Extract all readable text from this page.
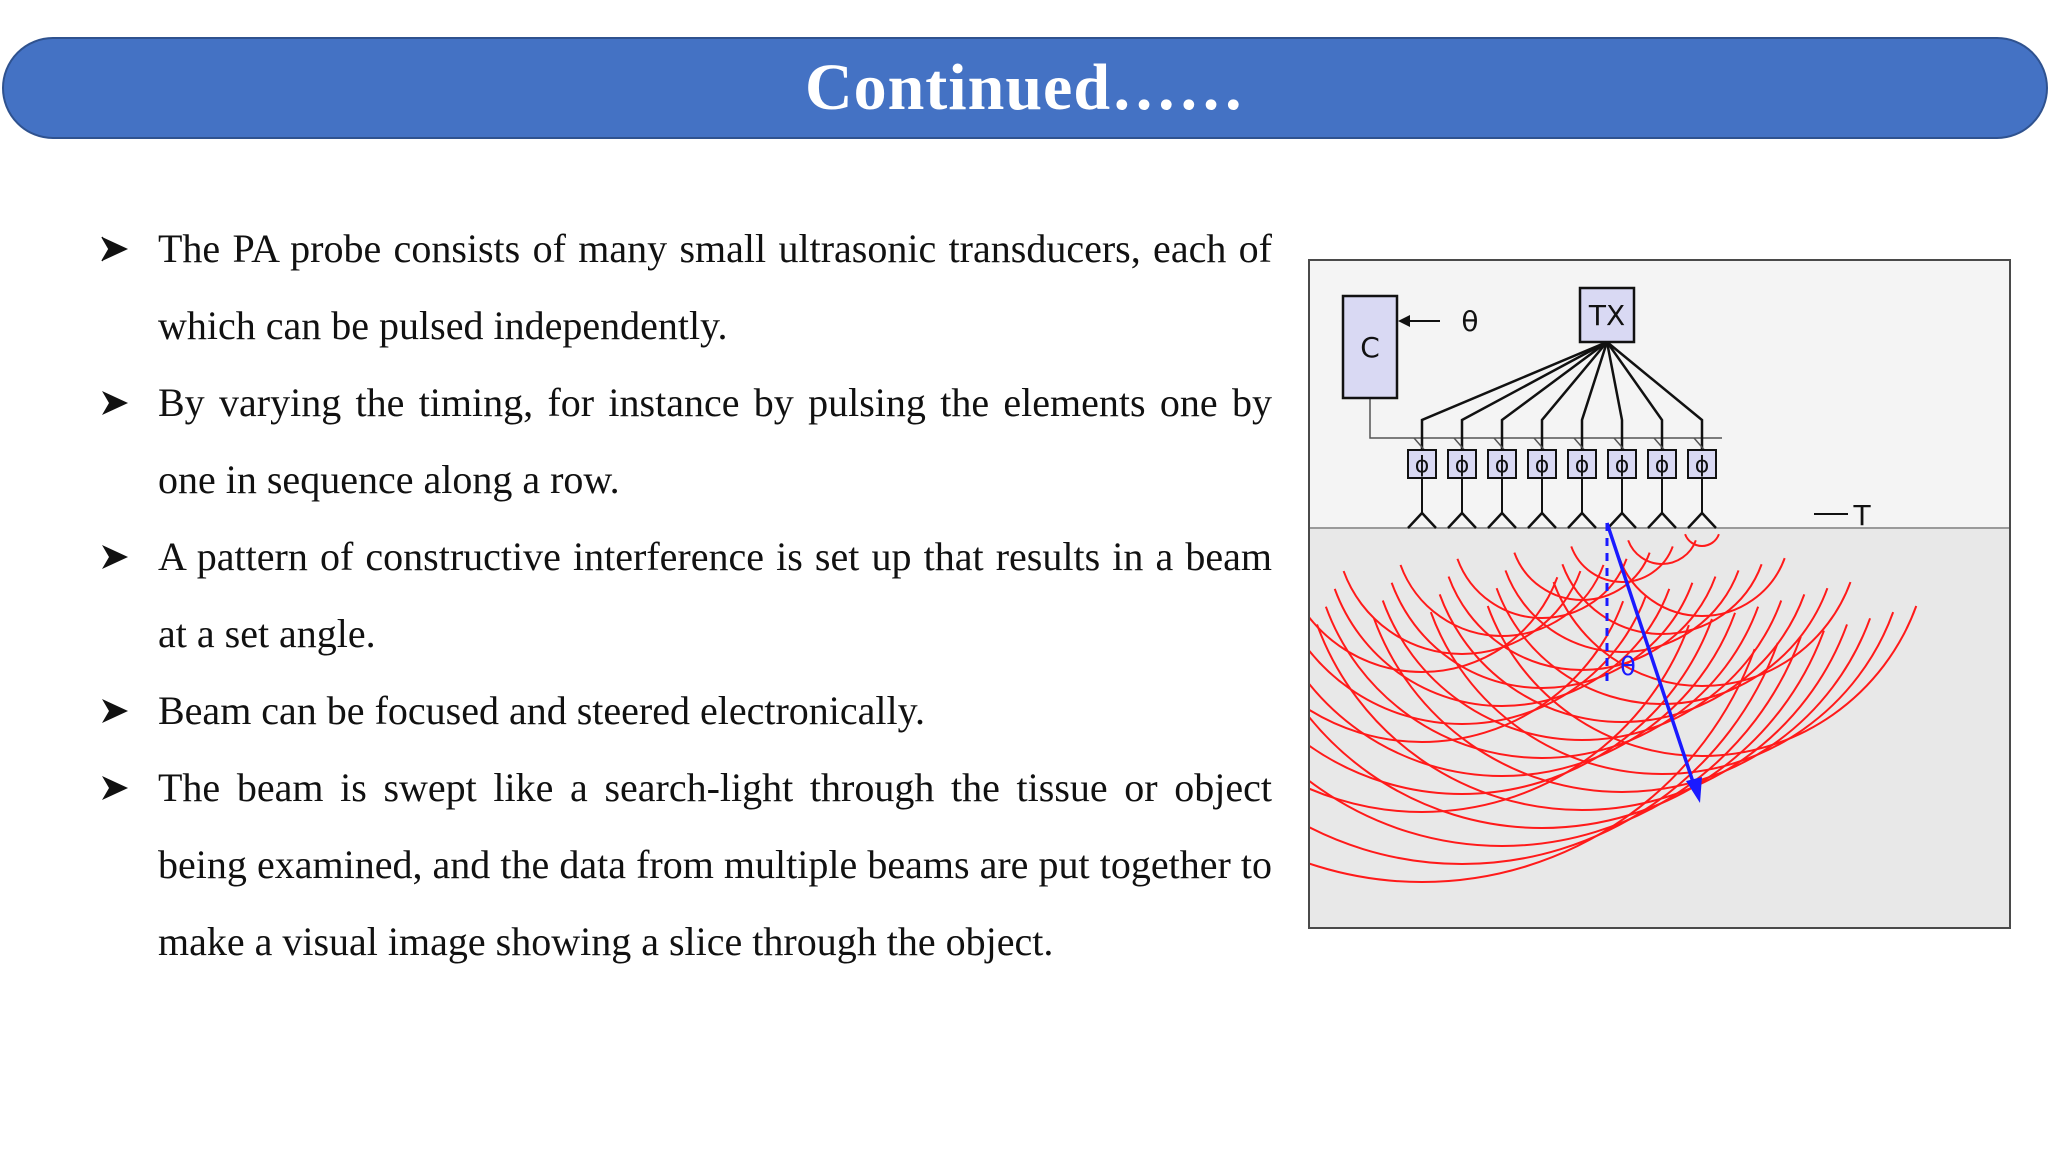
Continued……
The PA probe consists of many small ultrasonic transducers, each of which can be pulsed independently.
By varying the timing, for instance by pulsing the elements one by one in sequence along a row.
A pattern of constructive interference is set up that results in a beam at a set angle.
Beam can be focused and steered electronically.
The beam is swept like a search-light through the tissue or object being examined, and the data from multiple beams are put together to make a visual image showing a slice through the object.
C
θ	TX
ϕ ϕ ϕ ϕ ϕ ϕ ϕ ϕ
T
θ
